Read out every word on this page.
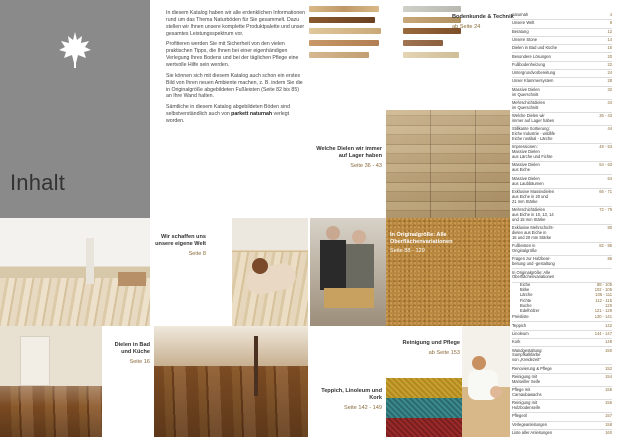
Inhalt

In diesem Katalog haben wir alle erdenklichen Informationen rund um das Thema Naturböden für Sie gesammelt. Dazu stellen wir Ihnen unsere komplette Produktpalette und unser gesamtes Leistungsspektrum vor.

Profitieren werden Sie mit Sicherheit von den vielen praktischen Tipps, die Ihnen bei einer eigenhändigen Verlegung Ihres Bodens und bei der täglichen Pflege eine wertvolle Hilfe sein werden.

Sie können sich mit diesem Katalog auch schon ein erstes Bild von Ihren neuen Ambiente machen, z. B. indem Sie die in Originalgröße abgebildeten Fußleisten (Seite 82 bis 85) an Ihre Wand halten.

Sämtliche in diesem Katalog abgebildeten Böden sind selbstverständlich auch von parkett naturnah verlegt worden.

Bodenkunde & Technik
ab Seite 24
Welche Dielen wir immer auf Lager haben
Seite 36 - 43
Wir schaffen uns unsere eigene Welt
Seite 8
In Originalgröße: Alle Oberflächenvariationen
Seite 88 - 129
Dielen in Bad und Küche
Seite 16
Teppich, Linoleum und Kork
Seite 142 - 149
Reinigung und Pflege
ab Seite 153
naturnah	4
Unsere Welt	8
Beratung	12
Unsere Stone	14
Dielen in Bad und Küche	16
Besondere Lösungen	20
Fußbodenheizung	22
Untergrundvorbereitung	24
Unser Klammersystem	28
Massive Dielen
im Querschnitt
32
Mehrschichtdielen
im Querschnitt
34
Welche Dielen wir
immer auf Lager haben
36 - 43
Stillkante Sortierung:
Eiche Industrie - wildlife
Eiche rustikal - Lärche
44
Impressionen:
Massive Dielen
aus Lärche und Fichte
48 - 53
Massive Dielen
aus Eiche
54 - 63
Massive Dielen
aus Laubbäumen
64
Exklusive Massivdielen
aus Eiche in 20 und
21 mm Stärke
66 - 71
Mehrschichtdielen
aus Eiche in 10, 13, 14
und 15 mm Stärke
72 - 79
Exklusive Mehrschicht-
dielen aus Eiche in
16 und 20 mm Stärke
80
Fußleisten in
Originalgröße
82 - 85
Fragen zur Holzbear-
beitung und -gestaltung
86
In Originalgröße: Alle
Oberflächenvariationen
Eiche	88 - 105
Birke	102 - 105
Lärche	106 - 111
Fichte	112 - 115
Buche	120
Edelhölzer	121 - 129
Preisliste	130 - 141
Teppich	142
Linoleum	144 - 147
Kork	148
Wandgestaltung:
Sumpfkalkfarbe
von „Kreidezeit"
150
Renovierung & Pflege	152
Reinigung mit
Marseiller Seife
154
Pflege mit
Carnaubawachs
155
Reinigung mit
Holzbodenseife
156
Pflegeöl	157
Verlegeanleitungen	158
Liste aller Anleitungen	160
